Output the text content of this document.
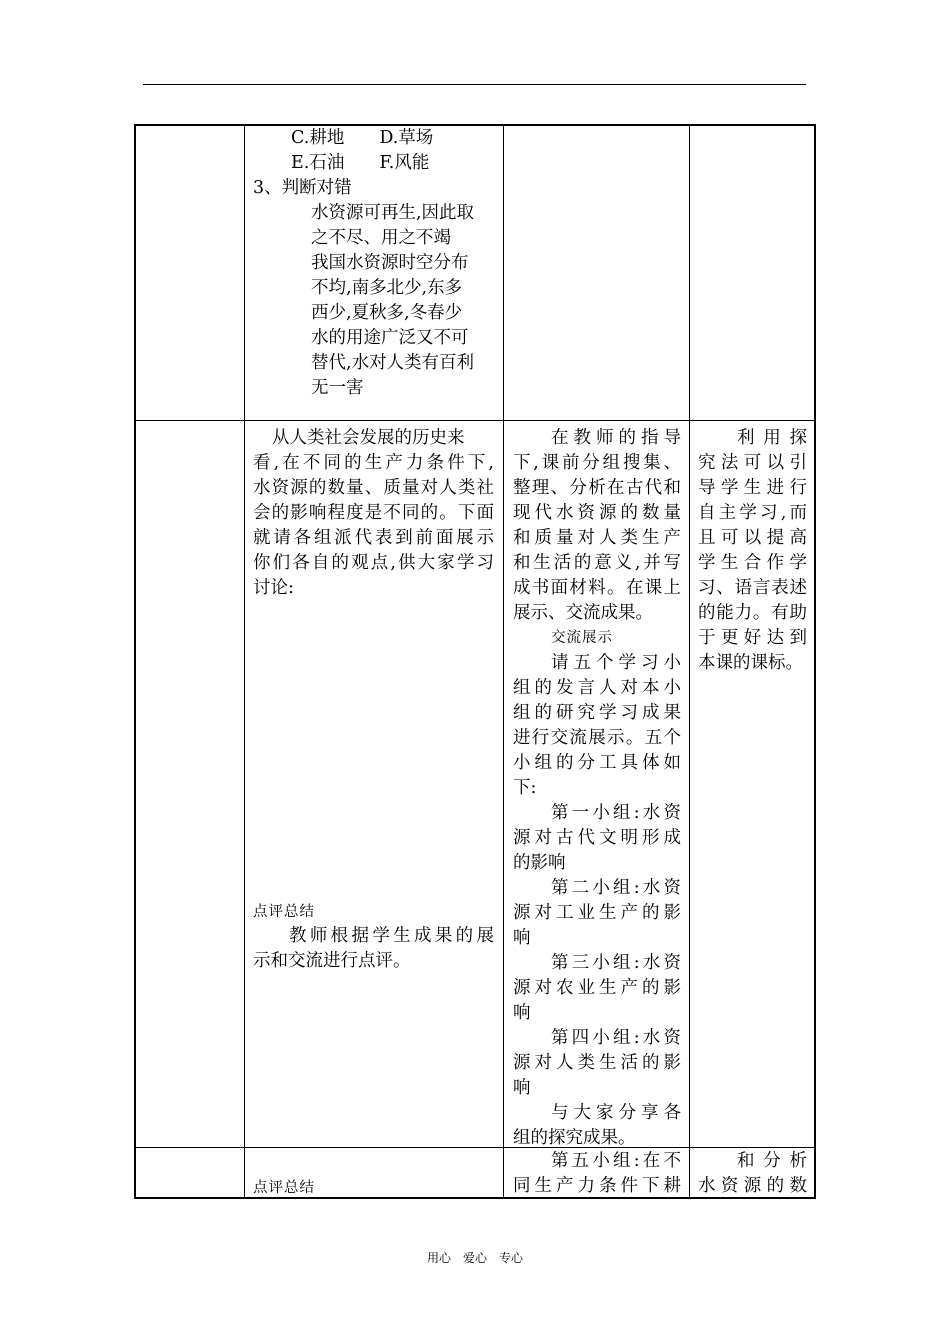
C.耕地　　D.草场
E.石油　　F.风能
3、判断对错
水资源可再生,因此取
之不尽、用之不竭
我国水资源时空分布
不均,南多北少,东多
西少,夏秋多,冬春少
水的用途广泛又不可
替代,水对人类有百利
无一害
从人类社会发展的历史来
看,在不同的生产力条件下,
水资源的数量、质量对人类社
会的影响程度是不同的。下面
就请各组派代表到前面展示
你们各自的观点,供大家学习
讨论:
点评总结
教师根据学生成果的展
示和交流进行点评。
在教师的指导
下,课前分组搜集、
整理、分析在古代和
现代水资源的数量
和质量对人类生产
和生活的意义,并写
成书面材料。在课上
展示、交流成果。
交流展示
请五个学习小
组的发言人对本小
组的研究学习成果
进行交流展示。五个
小组的分工具体如
下:
第一小组:水资
源对古代文明形成
的影响
第二小组:水资
源对工业生产的影
响
第三小组:水资
源对农业生产的影
响
第四小组:水资
源对人类生活的影
响
与大家分享各
组的探究成果。
利用探
究法可以引
导学生进行
自主学习,而
且可以提高
学生合作学
习、语言表述
的能力。有助
于更好达到
本课的课标。
点评总结
第五小组:在不
同生产力条件下耕
和分析
水资源的数
用心　爱心　专心
